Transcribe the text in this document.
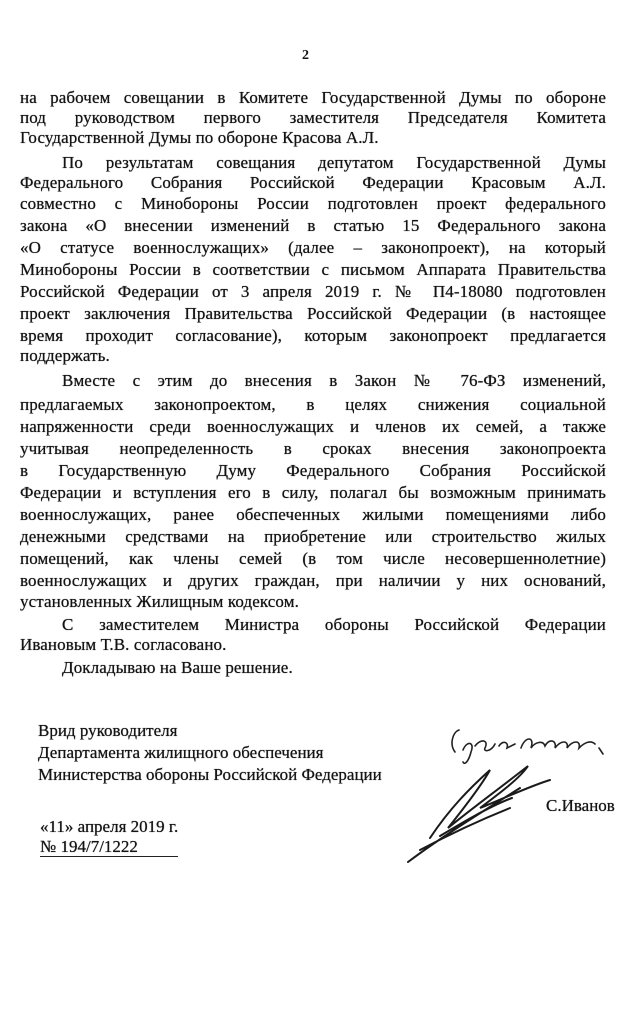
2
на рабочем совещании в Комитете Государственной Думы по обороне
под руководством первого заместителя Председателя Комитета
Государственной Думы по обороне Красова А.Л.
По результатам совещания депутатом Государственной Думы
Федерального Собрания Российской Федерации Красовым А.Л.
совместно с Минобороны России подготовлен проект федерального
закона «О внесении изменений в статью 15 Федерального закона
«О статусе военнослужащих» (далее – законопроект), на который
Минобороны России в соответствии с письмом Аппарата Правительства
Российской Федерации от 3 апреля 2019 г. № П4-18080 подготовлен
проект заключения Правительства Российской Федерации (в настоящее
время проходит согласование), которым законопроект предлагается
поддержать.
Вместе с этим до внесения в Закон № 76-ФЗ изменений,
предлагаемых законопроектом, в целях снижения социальной
напряженности среди военнослужащих и членов их семей, а также
учитывая неопределенность в сроках внесения законопроекта
в Государственную Думу Федерального Собрания Российской
Федерации и вступления его в силу, полагал бы возможным принимать
военнослужащих, ранее обеспеченных жилыми помещениями либо
денежными средствами на приобретение или строительство жилых
помещений, как члены семей (в том числе несовершеннолетние)
военнослужащих и других граждан, при наличии у них оснований,
установленных Жилищным кодексом.
С заместителем Министра обороны Российской Федерации
Ивановым Т.В. согласовано.
Докладываю на Ваше решение.
Врид руководителя
Департамента жилищного обеспечения
Министерства обороны Российской Федерации
«11» апреля 2019 г.
№ 194/7/1222
С.Иванов
